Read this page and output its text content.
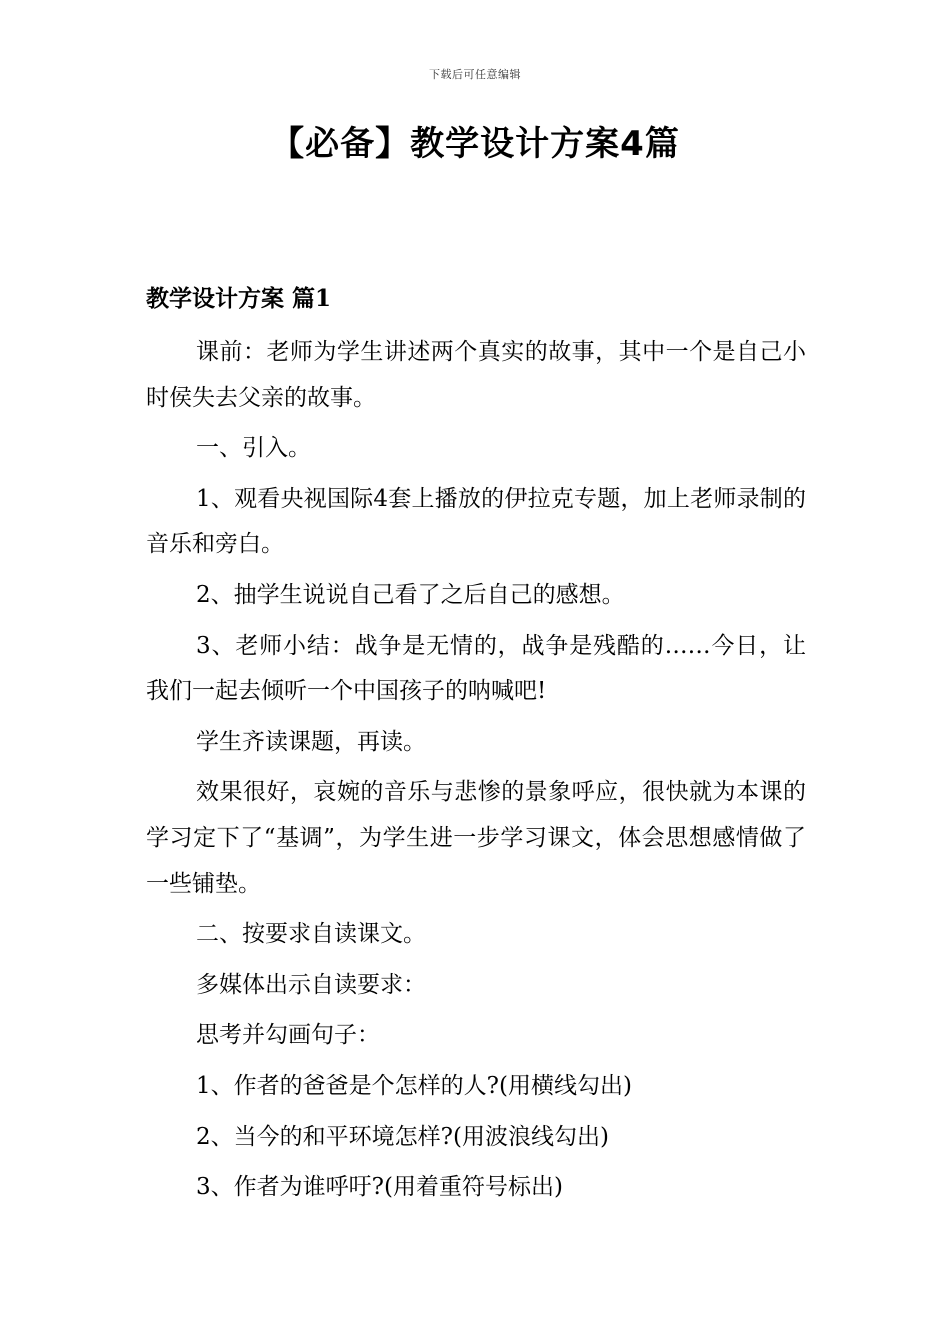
下载后可任意编辑
【必备】教学设计方案4篇
教学设计方案 篇1

课前：老师为学生讲述两个真实的故事，其中一个是自己小时侯失去父亲的故事。

一、引入。

1、观看央视国际4套上播放的伊拉克专题，加上老师录制的音乐和旁白。

2、抽学生说说自己看了之后自己的感想。

3、老师小结：战争是无情的，战争是残酷的……今日，让我们一起去倾听一个中国孩子的呐喊吧!

学生齐读课题，再读。

效果很好，哀婉的音乐与悲惨的景象呼应，很快就为本课的学习定下了“基调”，为学生进一步学习课文，体会思想感情做了一些铺垫。

二、按要求自读课文。

多媒体出示自读要求：

思考并勾画句子：

1、作者的爸爸是个怎样的人?(用横线勾出)

2、当今的和平环境怎样?(用波浪线勾出)

3、作者为谁呼吁?(用着重符号标出)
